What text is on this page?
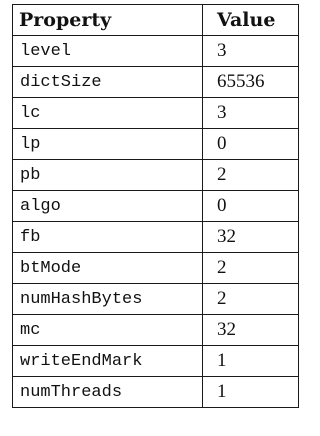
Property	Value
level	3
dictSize	65536
lc	3
lp	0
pb	2
algo	0
fb	32
btMode	2
numHashBytes	2
mc	32
writeEndMark	1
numThreads	1
